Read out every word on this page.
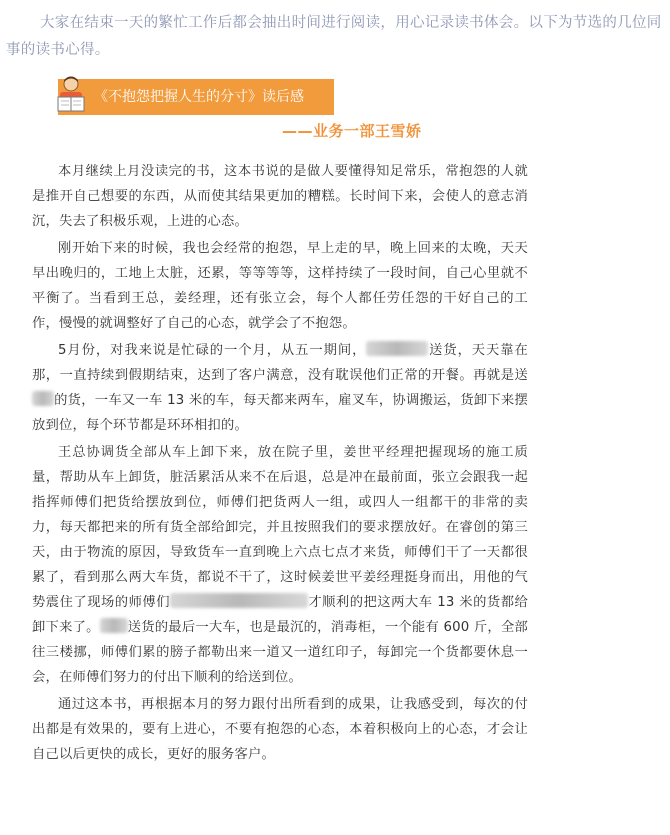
大家在结束一天的繁忙工作后都会抽出时间进行阅读，用心记录读书体会。以下为节选的几位同事的读书心得。
《不抱怨把握人生的分寸》读后感
——业务一部王雪娇

本月继续上月没读完的书，这本书说的是做人要懂得知足常乐，常抱怨的人就是推开自己想要的东西，从而使其结果更加的糟糕。长时间下来，会使人的意志消沉，失去了积极乐观，上进的心态。

刚开始下来的时候，我也会经常的抱怨，早上走的早，晚上回来的太晚，天天早出晚归的，工地上太脏，还累，等等等等，这样持续了一段时间，自己心里就不平衡了。当看到王总，姜经理，还有张立会，每个人都任劳任怨的干好自己的工作，慢慢的就调整好了自己的心态，就学会了不抱怨。

5月份，对我来说是忙碌的一个月，从五一期间，	送货，天天靠在那，一直持续到假期结束，达到了客户满意，没有耽误他们正常的开餐。再就是送的货，一车又一车 13 米的车，每天都来两车，雇叉车，协调搬运，货卸下来摆放到位，每个环节都是环环相扣的。

王总协调货全部从车上卸下来，放在院子里，姜世平经理把握现场的施工质量，帮助从车上卸货，脏活累活从来不在后退，总是冲在最前面，张立会跟我一起指挥师傅们把货给摆放到位，师傅们把货两人一组，或四人一组都干的非常的卖力，每天都把来的所有货全部给卸完，并且按照我们的要求摆放好。在睿创的第三天，由于物流的原因，导致货车一直到晚上六点七点才来货，师傅们干了一天都很累了，看到那么两大车货，都说不干了，这时候姜世平姜经理挺身而出，用他的气势震住了现场的师傅们	才顺利的把这两大车 13 米的货都给卸下来了。 送货的最后一大车，也是最沉的，消毒柜，一个能有 600 斤，全部往三楼挪，师傅们累的膀子都勒出来一道又一道红印子，每卸完一个货都要休息一会，在师傅们努力的付出下顺利的给送到位。

通过这本书，再根据本月的努力跟付出所看到的成果，让我感受到，每次的付出都是有效果的，要有上进心，不要有抱怨的心态，本着积极向上的心态，才会让自己以后更快的成长，更好的服务客户。
